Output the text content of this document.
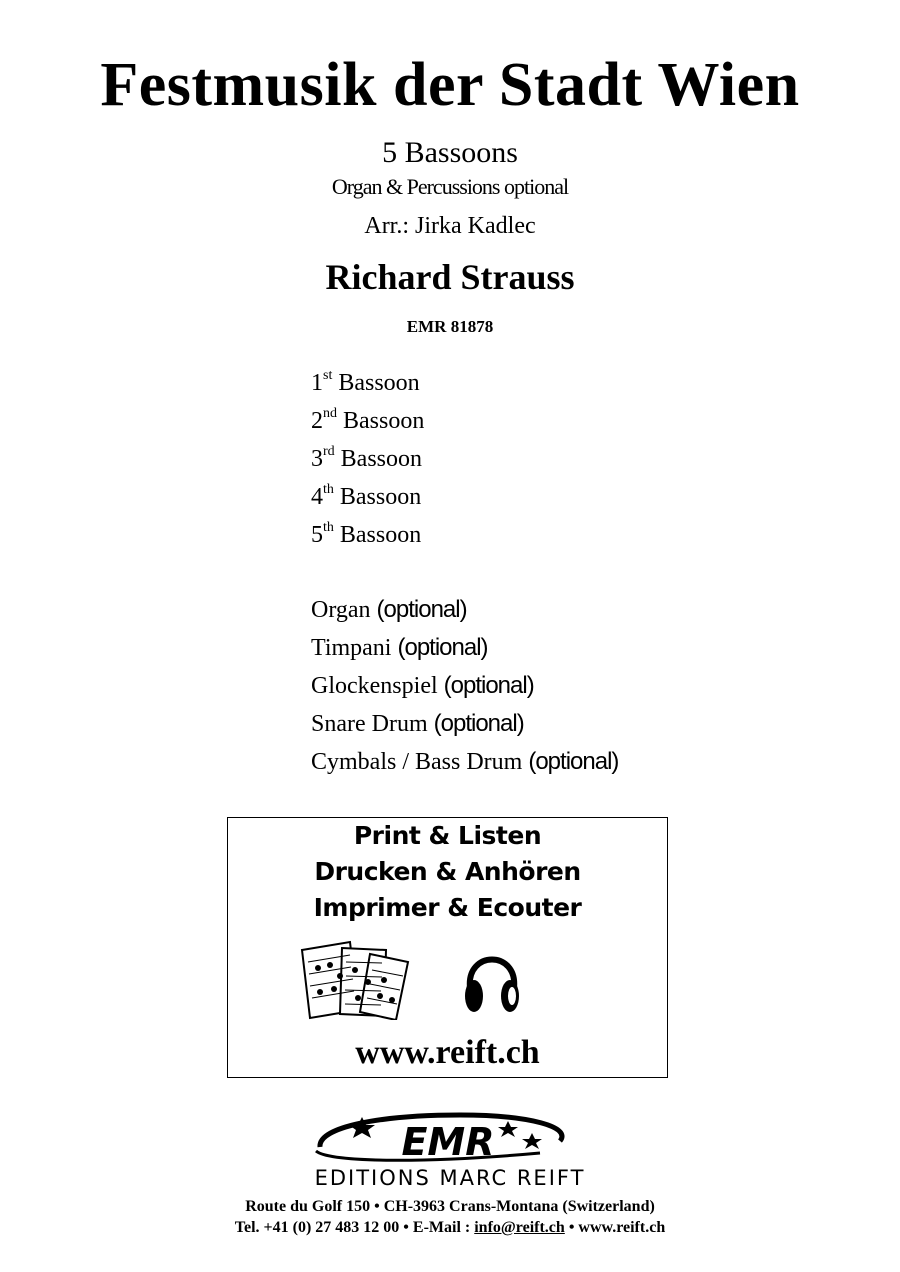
Festmusik der Stadt Wien
5 Bassoons
Organ & Percussions optional
Arr.: Jirka Kadlec
Richard Strauss
EMR 81878
1st Bassoon
2nd Bassoon
3rd Bassoon
4th Bassoon
5th Bassoon
Organ (optional)
Timpani (optional)
Glockenspiel (optional)
Snare Drum (optional)
Cymbals / Bass Drum (optional)
Print & Listen
Drucken & Anhören
Imprimer & Ecouter
www.reift.ch
EMR
EDITIONS MARC REIFT
Route du Golf 150 • CH-3963 Crans-Montana (Switzerland)
Tel. +41 (0) 27 483 12 00 • E-Mail : info@reift.ch • www.reift.ch
